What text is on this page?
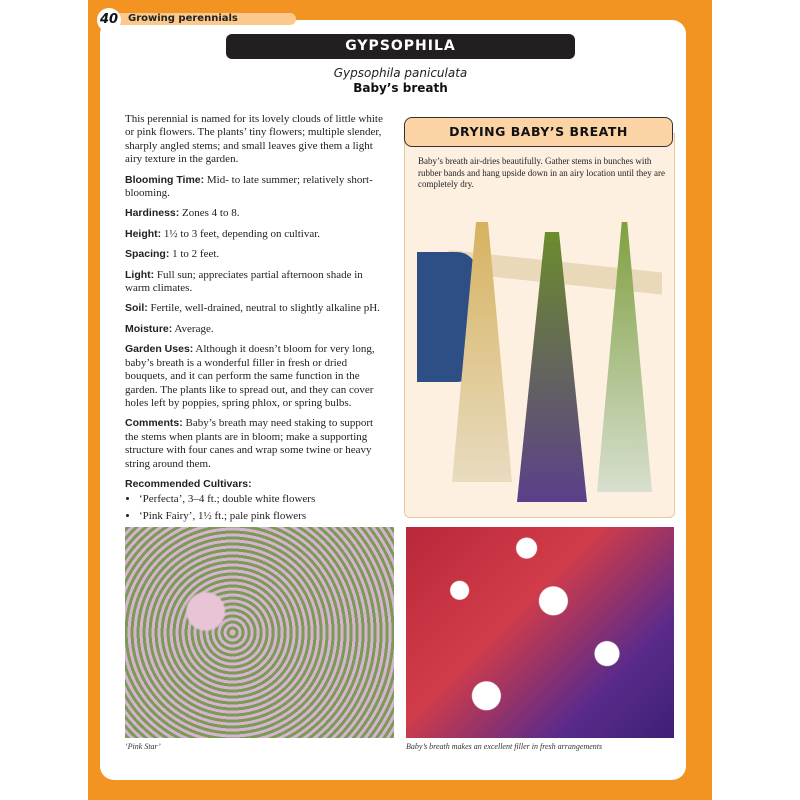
Growing perennials
40
GYPSOPHILA
Gypsophila paniculata
Baby’s breath

This perennial is named for its lovely clouds of little white or pink flowers. The plants’ tiny flowers; multiple slender, sharply angled stems; and small leaves give them a light airy texture in the garden.

Blooming Time: Mid- to late summer; relatively short-blooming.

Hardiness: Zones 4 to 8.

Height: 1½ to 3 feet, depending on cultivar.

Spacing: 1 to 2 feet.

Light: Full sun; appreciates partial afternoon shade in warm climates.

Soil: Fertile, well-drained, neutral to slightly alkaline pH.

Moisture: Average.

Garden Uses: Although it doesn’t bloom for very long, baby’s breath is a wonderful filler in fresh or dried bouquets, and it can perform the same function in the garden. The plants like to spread out, and they can cover holes left by poppies, spring phlox, or spring bulbs.

Comments: Baby’s breath may need staking to support the stems when plants are in bloom; make a supporting structure with four canes and wrap some twine or heavy string around them.

Recommended Cultivars:

• ‘Perfecta’, 3–4 ft.; double white flowers
• ‘Pink Fairy’, 1½ ft.; pale pink flowers
DRYING BABY’S BREATH
Baby’s breath air-dries beautifully. Gather stems in bunches with rubber bands and hang upside down in an airy location until they are completely dry.
‘Pink Star’	Baby’s breath makes an excellent filler in fresh arrangements
